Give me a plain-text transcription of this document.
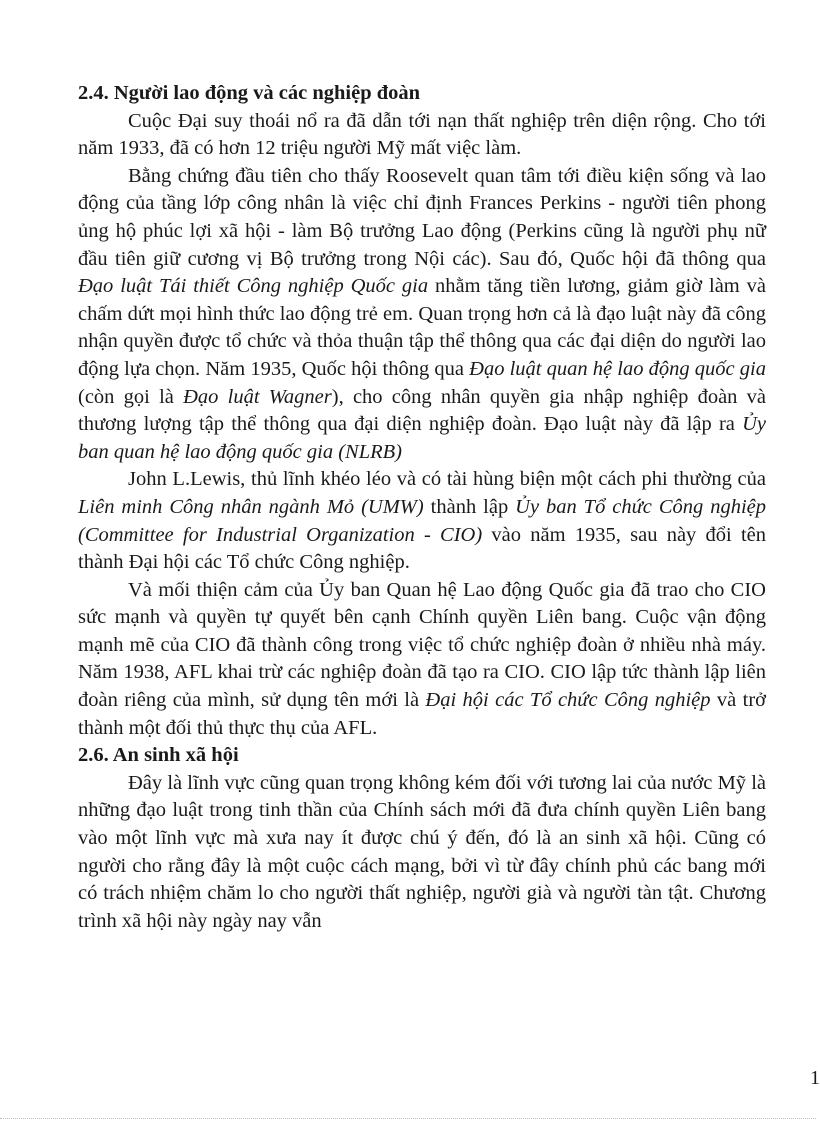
2.4. Người lao động và các nghiệp đoàn

Cuộc Đại suy thoái nổ ra đã dẫn tới nạn thất nghiệp trên diện rộng. Cho tới năm 1933, đã có hơn 12 triệu người Mỹ mất việc làm.

Bằng chứng đầu tiên cho thấy Roosevelt quan tâm tới điều kiện sống và lao động của tầng lớp công nhân là việc chỉ định Frances Perkins - người tiên phong ủng hộ phúc lợi xã hội - làm Bộ trưởng Lao động (Perkins cũng là người phụ nữ đầu tiên giữ cương vị Bộ trưởng trong Nội các). Sau đó, Quốc hội đã thông qua Đạo luật Tái thiết Công nghiệp Quốc gia nhằm tăng tiền lương, giảm giờ làm và chấm dứt mọi hình thức lao động trẻ em. Quan trọng hơn cả là đạo luật này đã công nhận quyền được tổ chức và thỏa thuận tập thể thông qua các đại diện do người lao động lựa chọn. Năm 1935, Quốc hội thông qua Đạo luật quan hệ lao động quốc gia (còn gọi là Đạo luật Wagner), cho công nhân quyền gia nhập nghiệp đoàn và thương lượng tập thể thông qua đại diện nghiệp đoàn. Đạo luật này đã lập ra Ủy ban quan hệ lao động quốc gia (NLRB)

John L.Lewis, thủ lĩnh khéo léo và có tài hùng biện một cách phi thường của Liên minh Công nhân ngành Mỏ (UMW) thành lập Ủy ban Tổ chức Công nghiệp (Committee for Industrial Organization - CIO) vào năm 1935, sau này đổi tên thành Đại hội các Tổ chức Công nghiệp.

Và mối thiện cảm của Ủy ban Quan hệ Lao động Quốc gia đã trao cho CIO sức mạnh và quyền tự quyết bên cạnh Chính quyền Liên bang. Cuộc vận động mạnh mẽ của CIO đã thành công trong việc tổ chức nghiệp đoàn ở nhiều nhà máy. Năm 1938, AFL khai trừ các nghiệp đoàn đã tạo ra CIO. CIO lập tức thành lập liên đoàn riêng của mình, sử dụng tên mới là Đại hội các Tổ chức Công nghiệp và trở thành một đối thủ thực thụ của AFL.

2.6. An sinh xã hội

Đây là lĩnh vực cũng quan trọng không kém đối với tương lai của nước Mỹ là những đạo luật trong tinh thần của Chính sách mới đã đưa chính quyền Liên bang vào một lĩnh vực mà xưa nay ít được chú ý đến, đó là an sinh xã hội. Cũng có người cho rằng đây là một cuộc cách mạng, bởi vì từ đây chính phủ các bang mới có trách nhiệm chăm lo cho người thất nghiệp, người già và người tàn tật. Chương trình xã hội này ngày nay vẫn

1
